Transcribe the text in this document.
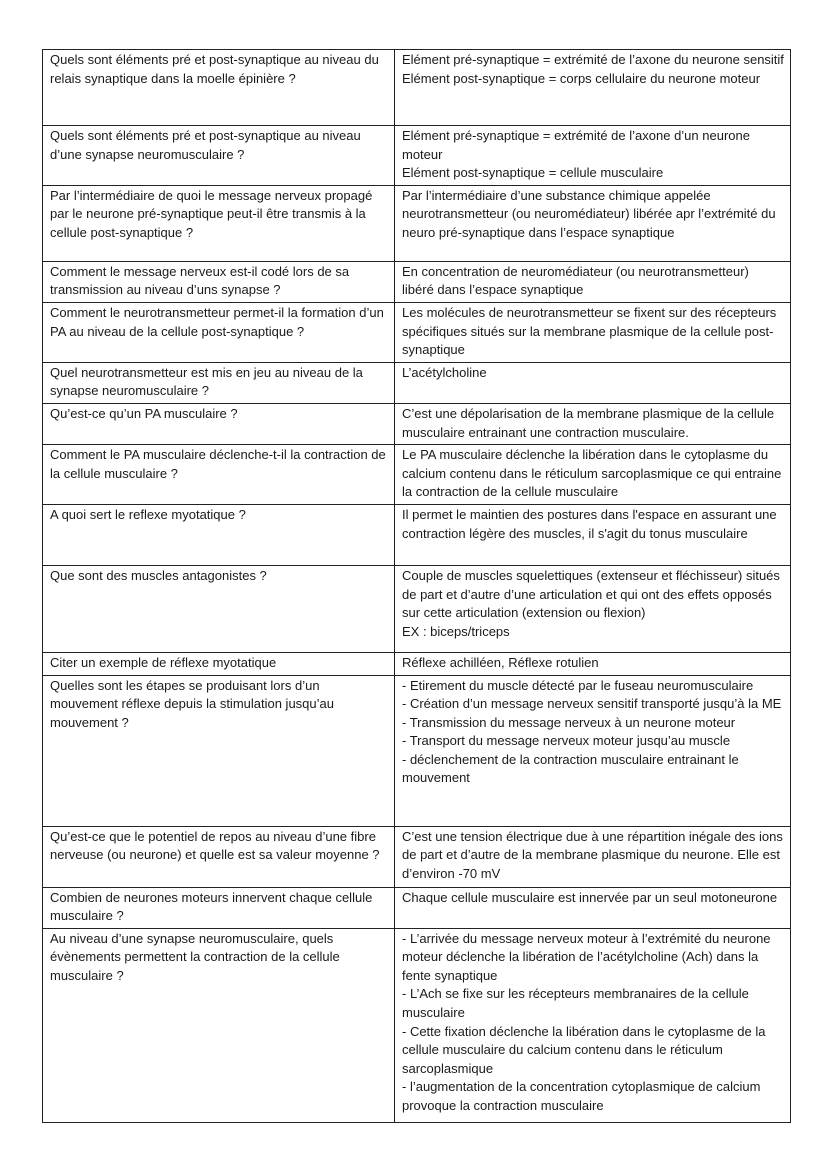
Quels sont éléments pré et post-synaptique au niveau du relais synaptique dans la moelle épinière ?	Elément pré-synaptique = extrémité de l’axone du neurone sensitif
Elément post-synaptique = corps cellulaire du neurone moteur

Quels sont éléments pré et post-synaptique au niveau d’une synapse neuromusculaire ?	Elément pré-synaptique = extrémité de l’axone d’un neurone moteur
Elément post-synaptique = cellule musculaire

Par l’intermédiaire de quoi le message nerveux propagé par le neurone pré-synaptique peut-il être transmis à la cellule post-synaptique ?	Par l’intermédiaire d’une substance chimique appelée neurotransmetteur (ou neuromédiateur) libérée apr l’extrémité du neuro pré-synaptique dans l’espace synaptique

Comment le message nerveux est-il codé lors de sa transmission au niveau d’uns synapse ?	En concentration de neuromédiateur (ou neurotransmetteur) libéré dans l’espace synaptique

Comment le neurotransmetteur permet-il la formation d’un PA au niveau de la cellule post-synaptique ?	Les molécules de neurotransmetteur se fixent sur des récepteurs spécifiques situés sur la membrane plasmique de la cellule post-synaptique

Quel neurotransmetteur est mis en jeu au niveau de la synapse neuromusculaire ?	L’acétylcholine

Qu’est-ce qu’un PA musculaire ?	C’est une dépolarisation de la membrane plasmique de la cellule musculaire entrainant une contraction musculaire.

Comment le PA musculaire déclenche-t-il la contraction de la cellule musculaire ?	Le PA musculaire déclenche la libération dans le cytoplasme du calcium contenu dans le réticulum sarcoplasmique ce qui entraine la contraction de la cellule musculaire

A quoi sert le reflexe myotatique ?	Il permet le maintien des postures dans l'espace en assurant une contraction légère des muscles, il s'agit du tonus musculaire

Que sont des muscles antagonistes ?	Couple de muscles squelettiques (extenseur et fléchisseur) situés de part et d’autre d’une articulation et qui ont des effets opposés sur cette articulation (extension ou flexion)
EX : biceps/triceps

Citer un exemple de réflexe myotatique	Réflexe achilléen, Réflexe rotulien

Quelles sont les étapes se produisant lors d’un mouvement réflexe depuis la stimulation jusqu’au mouvement ?	- Etirement du muscle détecté par le fuseau neuromusculaire
- Création d’un message nerveux sensitif transporté jusqu’à la ME
- Transmission du message nerveux à un neurone moteur
- Transport du message nerveux moteur jusqu’au muscle
- déclenchement de la contraction musculaire entrainant le mouvement

Qu’est-ce que le potentiel de repos au niveau d’une fibre nerveuse (ou neurone) et quelle est sa valeur moyenne ?	C’est une tension électrique due à une répartition inégale des ions de part et d’autre de la membrane plasmique du neurone. Elle est d’environ -70 mV

Combien de neurones moteurs innervent chaque cellule musculaire ?	Chaque cellule musculaire est innervée par un seul motoneurone

Au niveau d’une synapse neuromusculaire, quels évènements permettent la contraction de la cellule musculaire ?	- L’arrivée du message nerveux moteur à l’extrémité du neurone moteur déclenche la libération de l’acétylcholine (Ach) dans la fente synaptique
- L’Ach se fixe sur les récepteurs membranaires de la cellule musculaire
- Cette fixation déclenche la libération dans le cytoplasme de la cellule musculaire du calcium contenu dans le réticulum sarcoplasmique
- l’augmentation de la concentration cytoplasmique de calcium provoque la contraction musculaire
